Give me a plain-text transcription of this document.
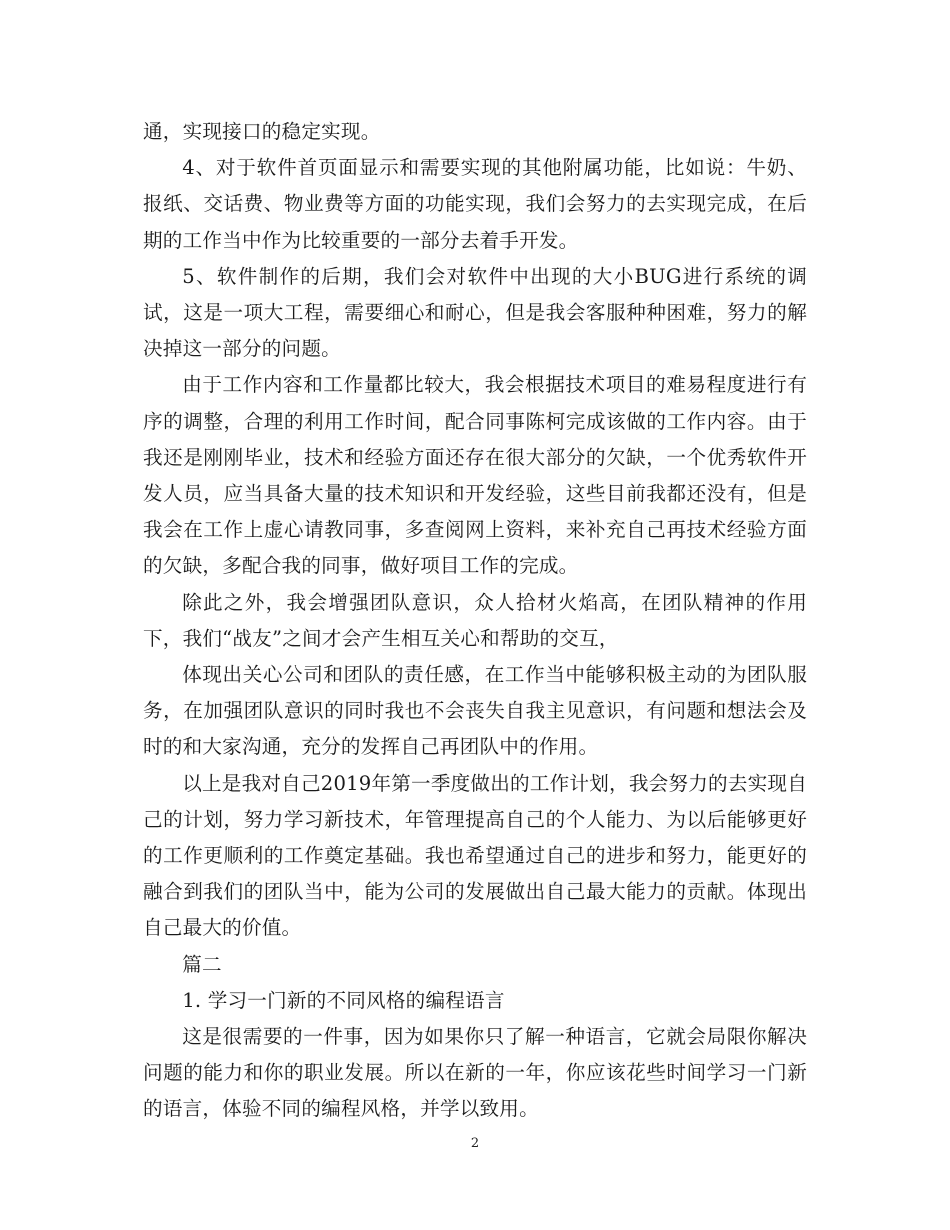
通，实现接口的稳定实现。

4、对于软件首页面显示和需要实现的其他附属功能，比如说：牛奶、报纸、交话费、物业费等方面的功能实现，我们会努力的去实现完成，在后期的工作当中作为比较重要的一部分去着手开发。

5、软件制作的后期，我们会对软件中出现的大小BUG进行系统的调试，这是一项大工程，需要细心和耐心，但是我会客服种种困难，努力的解决掉这一部分的问题。

由于工作内容和工作量都比较大，我会根据技术项目的难易程度进行有序的调整，合理的利用工作时间，配合同事陈柯完成该做的工作内容。由于我还是刚刚毕业，技术和经验方面还存在很大部分的欠缺，一个优秀软件开发人员，应当具备大量的技术知识和开发经验，这些目前我都还没有，但是我会在工作上虚心请教同事，多查阅网上资料，来补充自己再技术经验方面的欠缺，多配合我的同事，做好项目工作的完成。

除此之外，我会增强团队意识，众人拾材火焰高，在团队精神的作用下，我们“战友”之间才会产生相互关心和帮助的交互，

体现出关心公司和团队的责任感，在工作当中能够积极主动的为团队服务，在加强团队意识的同时我也不会丧失自我主见意识，有问题和想法会及时的和大家沟通，充分的发挥自己再团队中的作用。

以上是我对自己2019年第一季度做出的工作计划，我会努力的去实现自己的计划，努力学习新技术，年管理提高自己的个人能力、为以后能够更好的工作更顺利的工作奠定基础。我也希望通过自己的进步和努力，能更好的融合到我们的团队当中，能为公司的发展做出自己最大能力的贡献。体现出自己最大的价值。

篇二

1. 学习一门新的不同风格的编程语言

这是很需要的一件事，因为如果你只了解一种语言，它就会局限你解决问题的能力和你的职业发展。所以在新的一年，你应该花些时间学习一门新的语言，体验不同的编程风格，并学以致用。

2
